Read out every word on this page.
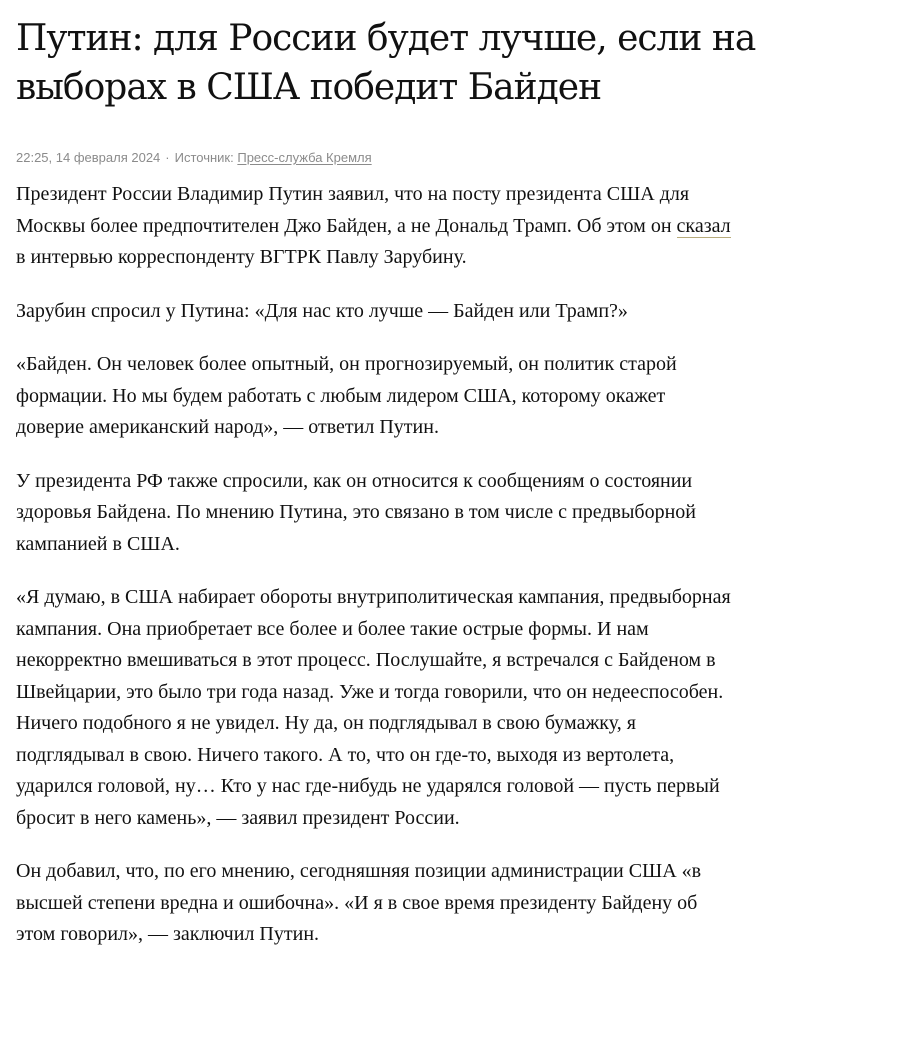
Путин: для России будет лучше, если на выборах в США победит Байден
22:25, 14 февраля 2024 · Источник: Пресс-служба Кремля

Президент России Владимир Путин заявил, что на посту президента США для Москвы более предпочтителен Джо Байден, а не Дональд Трамп. Об этом он сказал в интервью корреспонденту ВГТРК Павлу Зарубину.

Зарубин спросил у Путина: «Для нас кто лучше — Байден или Трамп?»

«Байден. Он человек более опытный, он прогнозируемый, он политик старой формации. Но мы будем работать с любым лидером США, которому окажет доверие американский народ», — ответил Путин.

У президента РФ также спросили, как он относится к сообщениям о состоянии здоровья Байдена. По мнению Путина, это связано в том числе с предвыборной кампанией в США.

«Я думаю, в США набирает обороты внутриполитическая кампания, предвыборная кампания. Она приобретает все более и более такие острые формы. И нам некорректно вмешиваться в этот процесс. Послушайте, я встречался с Байденом в Швейцарии, это было три года назад. Уже и тогда говорили, что он недееспособен. Ничего подобного я не увидел. Ну да, он подглядывал в свою бумажку, я подглядывал в свою. Ничего такого. А то, что он где-то, выходя из вертолета, ударился головой, ну… Кто у нас где-нибудь не ударялся головой — пусть первый бросит в него камень», — заявил президент России.

Он добавил, что, по его мнению, сегодняшняя позиции администрации США «в высшей степени вредна и ошибочна». «И я в свое время президенту Байдену об этом говорил», — заключил Путин.
